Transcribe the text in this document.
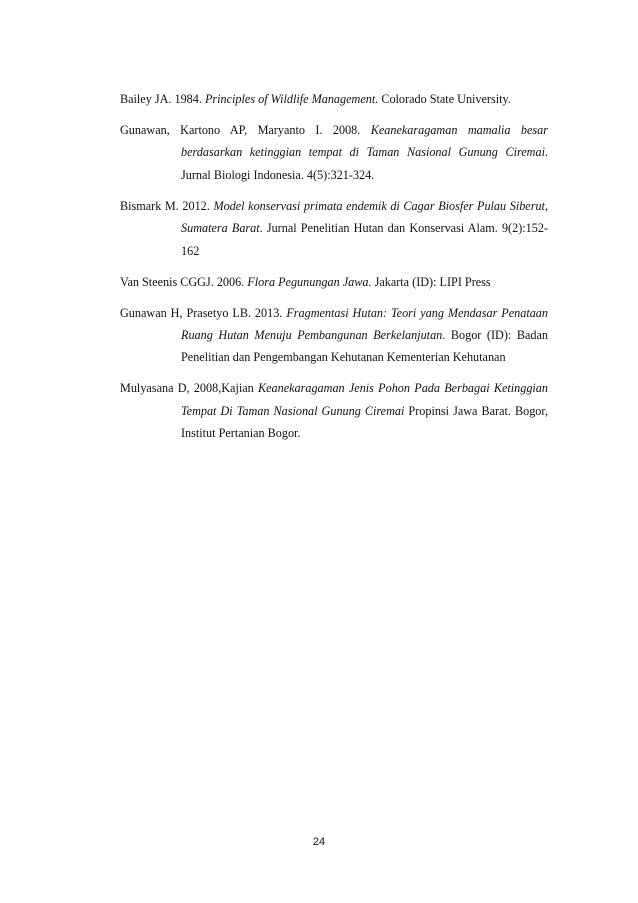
Bailey JA. 1984. Principles of Wildlife Management. Colorado State University.
Gunawan, Kartono AP, Maryanto I. 2008. Keanekaragaman mamalia besar berdasarkan ketinggian tempat di Taman Nasional Gunung Ciremai. Jurnal Biologi Indonesia. 4(5):321-324.
Bismark M. 2012. Model konservasi primata endemik di Cagar Biosfer Pulau Siberut, Sumatera Barat. Jurnal Penelitian Hutan dan Konservasi Alam. 9(2):152-162
Van Steenis CGGJ. 2006. Flora Pegunungan Jawa. Jakarta (ID): LIPI Press
Gunawan H, Prasetyo LB. 2013. Fragmentasi Hutan: Teori yang Mendasar Penataan Ruang Hutan Menuju Pembangunan Berkelanjutan. Bogor (ID): Badan Penelitian dan Pengembangan Kehutanan Kementerian Kehutanan
Mulyasana D, 2008,Kajian Keanekaragaman Jenis Pohon Pada Berbagai Ketinggian Tempat Di Taman Nasional Gunung Ciremai Propinsi Jawa Barat. Bogor, Institut Pertanian Bogor.
24
